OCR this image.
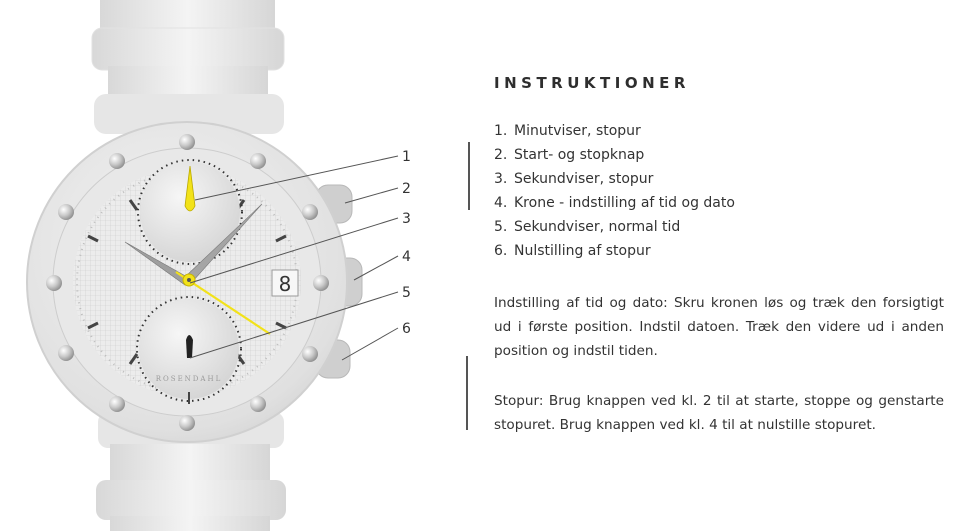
ROSENDAHL
8
1
2
3
4
5
6
INSTRUKTIONER
1. Minutviser, stopur
2. Start- og stopknap
3. Sekundviser, stopur
4. Krone - indstilling af tid og dato
5. Sekundviser, normal tid
6. Nulstilling af stopur

Indstilling af tid og dato: Skru kronen løs og træk den forsigtigt ud i første position. Indstil datoen. Træk den videre ud i anden position og indstil tiden.

Stopur: Brug knappen ved kl. 2 til at starte, stoppe og genstarte stopuret. Brug knappen ved kl. 4 til at nulstille stopuret.
